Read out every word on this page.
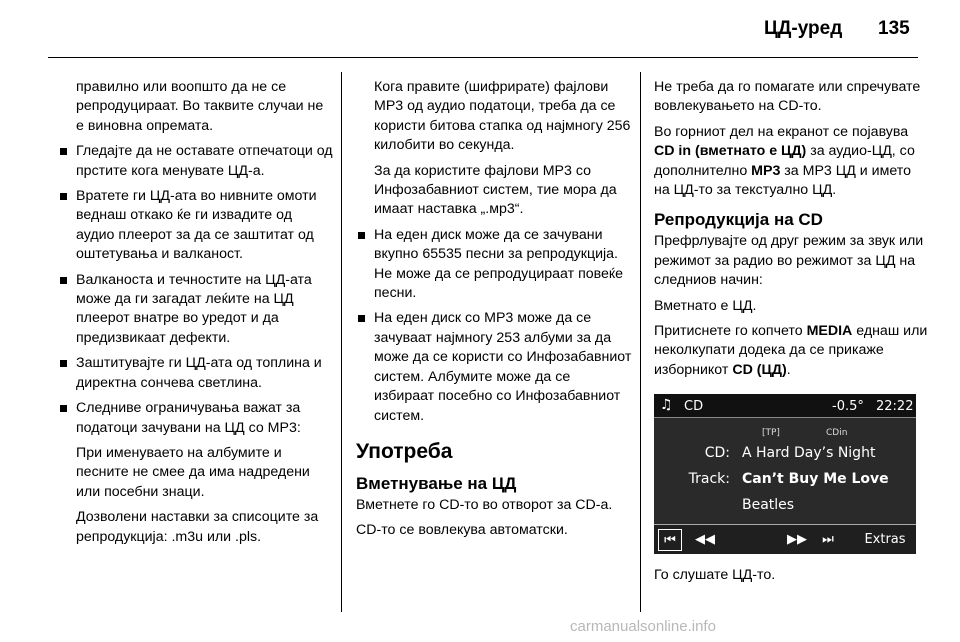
ЦД-уред 135

правилно или воопшто да не се репродуцираат. Во таквите случаи не е виновна опремата.

Гледајте да не оставате отпечатоци од прстите кога менувате ЦД-а.
Вратете ги ЦД-ата во нивните омоти веднаш откако ќе ги извадите од аудио плеерот за да се заштитат од оштетувања и валканост.
Валканоста и течностите на ЦД-ата може да ги загадат леќите на ЦД плеерот внатре во уредот и да предизвикаат дефекти.
Заштитувајте ги ЦД-ата од топлина и директна сончева светлина.
Следниве ограничувања важат за податоци зачувани на ЦД со MP3:

При именуваето на албумите и песните не смее да има надредени или посебни знаци.

Дозволени наставки за списоците за репродукција: .m3u или .pls.

Кога правите (шифрирате) фајлови MP3 од аудио податоци, треба да се користи битова стапка од најмногу 256 килобити во секунда.

За да користите фајлови MP3 со Инфозабавниот систем, тие мора да имаат наставка „.мр3“.

На еден диск може да се зачувани вкупно 65535 песни за репродукција. Не може да се репродуцираат повеќе песни.
На еден диск со MP3 може да се зачуваат најмногу 253 албуми за да може да се користи со Инфозабавниот систем. Албумите може да се избираат посебно со Инфозабавниот систем.
Употреба
Вметнување на ЦД

Вметнете го CD-то во отворот за CD-a.

CD-то се вовлекува автоматски.

Не треба да го помагате или спречувате вовлекувањето на CD-то.

Во горниот дел на екранот се појавува CD in (вметнато е ЦД) за аудио-ЦД, со дополнително MP3 за MP3 ЦД и името на ЦД-то за текстуално ЦД.

Репродукција на CD

Префрлувајте од друг режим за звук или режимот за радио во режимот за ЦД на следниов начин:

Вметнато е ЦД.

Притиснете го копчето MEDIA еднаш или неколкупати додека да се прикаже изборникот CD (ЦД).

♫ CD	-0.5° 22:22
[TP]	CDin
CD: A Hard Day’s Night
Track: Can’t Buy Me Love
Beatles
⏮	◀◀	▶▶	⏭	Extras

Го слушате ЦД-то.

carmanualsonline.info
